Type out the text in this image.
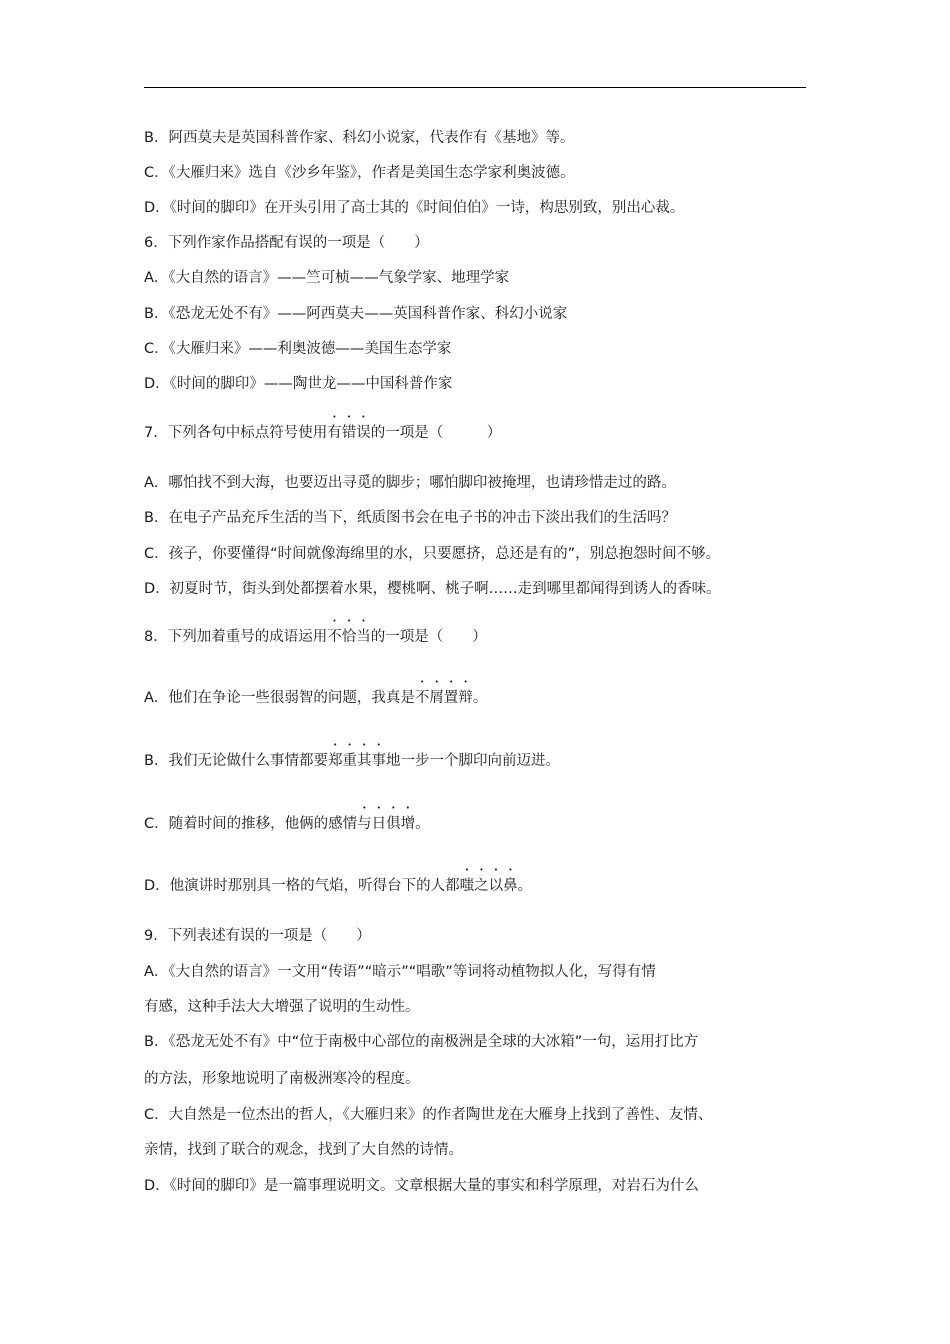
B．阿西莫夫是英国科普作家、科幻小说家，代表作有《基地》等。
C．《大雁归来》选自《沙乡年鉴》，作者是美国生态学家利奥波德。
D．《时间的脚印》在开头引用了高士其的《时间伯伯》一诗，构思别致，别出心裁。
6．下列作家作品搭配有误的一项是（　　）
A．《大自然的语言》——竺可桢——气象学家、地理学家
B．《恐龙无处不有》——阿西莫夫——英国科普作家、科幻小说家
C．《大雁归来》——利奥波德——美国生态学家
D．《时间的脚印》——陶世龙——中国科普作家
7．下列各句中标点符号使用有错误的一项是（　　　）
A．哪怕找不到大海，也要迈出寻觅的脚步；哪怕脚印被掩埋，也请珍惜走过的路。
B．在电子产品充斥生活的当下，纸质图书会在电子书的冲击下淡出我们的生活吗？
C．孩子，你要懂得“时间就像海绵里的水，只要愿挤，总还是有的”，别总抱怨时间不够。
D．初夏时节，街头到处都摆着水果，樱桃啊、桃子啊……走到哪里都闻得到诱人的香味。
8．下列加着重号的成语运用不恰当的一项是（　　）
A．他们在争论一些很弱智的问题，我真是不屑置辩。
B．我们无论做什么事情都要郑重其事地一步一个脚印向前迈进。
C．随着时间的推移，他俩的感情与日俱增。
D．他演讲时那别具一格的气焰，听得台下的人都嗤之以鼻。
9．下列表述有误的一项是（　　）
A．《大自然的语言》一文用“传语”“暗示”“唱歌”等词将动植物拟人化，写得有情
有感，这种手法大大增强了说明的生动性。
B．《恐龙无处不有》中“位于南极中心部位的南极洲是全球的大冰箱”一句，运用打比方
的方法，形象地说明了南极洲寒冷的程度。
C．大自然是一位杰出的哲人，《大雁归来》的作者陶世龙在大雁身上找到了善性、友情、
亲情，找到了联合的观念，找到了大自然的诗情。
D．《时间的脚印》是一篇事理说明文。文章根据大量的事实和科学原理，对岩石为什么
